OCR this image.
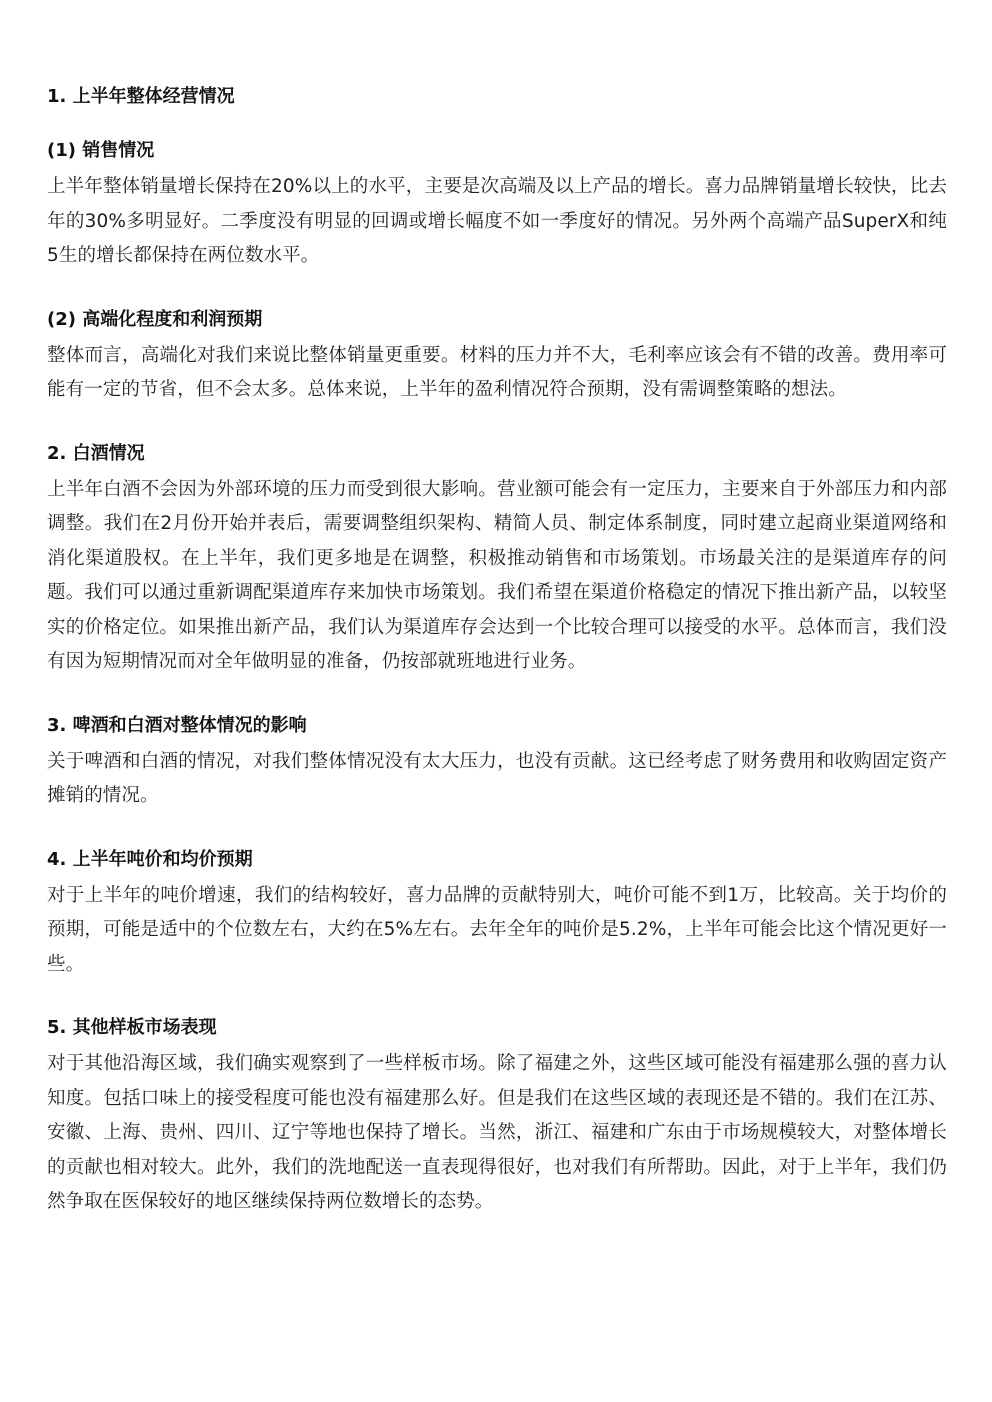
1. 上半年整体经营情况
(1) 销售情况

上半年整体销量增长保持在20%以上的水平，主要是次高端及以上产品的增长。喜力品牌销量增长较快，比去年的30%多明显好。二季度没有明显的回调或增长幅度不如一季度好的情况。另外两个高端产品SuperX和纯5生的增长都保持在两位数水平。

(2) 高端化程度和利润预期

整体而言，高端化对我们来说比整体销量更重要。材料的压力并不大，毛利率应该会有不错的改善。费用率可能有一定的节省，但不会太多。总体来说，上半年的盈利情况符合预期，没有需调整策略的想法。

2. 白酒情况

上半年白酒不会因为外部环境的压力而受到很大影响。营业额可能会有一定压力，主要来自于外部压力和内部调整。我们在2月份开始并表后，需要调整组织架构、精简人员、制定体系制度，同时建立起商业渠道网络和消化渠道股权。在上半年，我们更多地是在调整，积极推动销售和市场策划。市场最关注的是渠道库存的问题。我们可以通过重新调配渠道库存来加快市场策划。我们希望在渠道价格稳定的情况下推出新产品，以较坚实的价格定位。如果推出新产品，我们认为渠道库存会达到一个比较合理可以接受的水平。总体而言，我们没有因为短期情况而对全年做明显的准备，仍按部就班地进行业务。

3. 啤酒和白酒对整体情况的影响

关于啤酒和白酒的情况，对我们整体情况没有太大压力，也没有贡献。这已经考虑了财务费用和收购固定资产摊销的情况。

4. 上半年吨价和均价预期

对于上半年的吨价增速，我们的结构较好，喜力品牌的贡献特别大，吨价可能不到1万，比较高。关于均价的预期，可能是适中的个位数左右，大约在5%左右。去年全年的吨价是5.2%，上半年可能会比这个情况更好一些。

5. 其他样板市场表现

对于其他沿海区域，我们确实观察到了一些样板市场。除了福建之外，这些区域可能没有福建那么强的喜力认知度。包括口味上的接受程度可能也没有福建那么好。但是我们在这些区域的表现还是不错的。我们在江苏、安徽、上海、贵州、四川、辽宁等地也保持了增长。当然，浙江、福建和广东由于市场规模较大，对整体增长的贡献也相对较大。此外，我们的洗地配送一直表现得很好，也对我们有所帮助。因此，对于上半年，我们仍然争取在医保较好的地区继续保持两位数增长的态势。
